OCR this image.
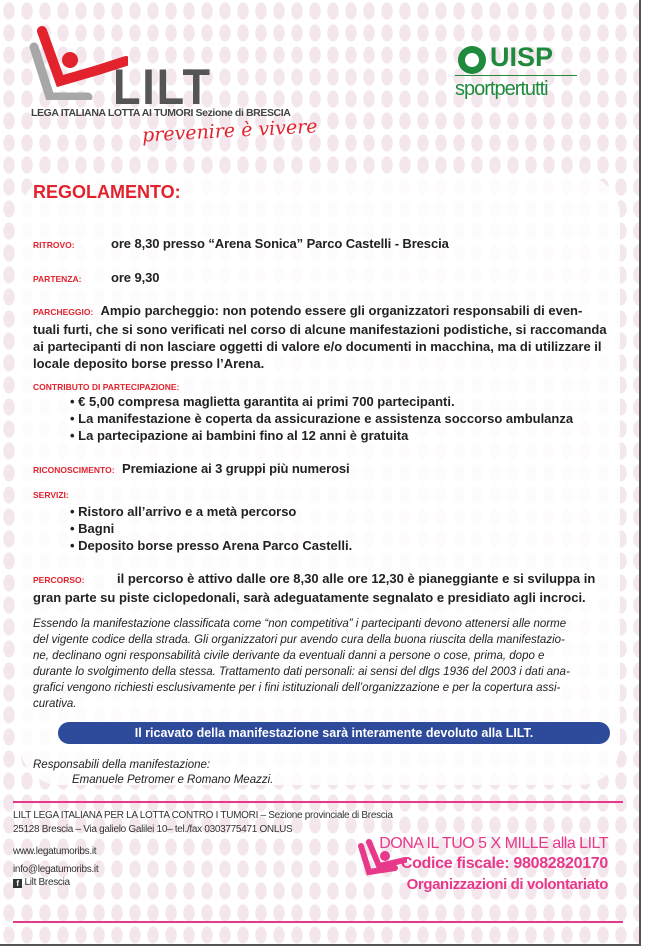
LILT
LEGA ITALIANA LOTTA AI TUMORI Sezione di BRESCIA
prevenire è vivere
UISP
sportpertutti
REGOLAMENTO:
RITROVO:	ore 8,30 presso “Arena Sonica” Parco Castelli - Brescia
PARTENZA: ore 9,30
PARCHEGGIO: Ampio parcheggio: non potendo essere gli organizzatori responsabili di even-
tuali furti, che si sono verificati nel corso di alcune manifestazioni podistiche, si raccomanda
ai partecipanti di non lasciare oggetti di valore e/o documenti in macchina, ma di utilizzare il
locale deposito borse presso l’Arena.
CONTRIBUTO DI PARTECIPAZIONE:
• € 5,00 compresa maglietta garantita ai primi 700 partecipanti.
• La manifestazione è coperta da assicurazione e assistenza soccorso ambulanza
• La partecipazione ai bambini fino al 12 anni è gratuita
RICONOSCIMENTO: Premiazione ai 3 gruppi più numerosi
SERVIZI:
• Ristoro all’arrivo e a metà percorso
• Bagni
• Deposito borse presso Arena Parco Castelli.
PERCORSO:	il percorso è attivo dalle ore 8,30 alle ore 12,30 è pianeggiante e si sviluppa in
gran parte su piste ciclopedonali, sarà adeguatamente segnalato e presidiato agli incroci.
Essendo la manifestazione classificata come “non competitiva” i partecipanti devono attenersi alle norme
del vigente codice della strada. Gli organizzatori pur avendo cura della buona riuscita della manifestazio-
ne, declinano ogni responsabilità civile derivante da eventuali danni a persone o cose, prima, dopo e
durante lo svolgimento della stessa. Trattamento dati personali: ai sensi del dlgs 1936 del 2003 i dati ana-
grafici vengono richiesti esclusivamente per i fini istituzionali dell’organizzazione e per la copertura assi-
curativa.
Il ricavato della manifestazione sarà interamente devoluto alla LILT.
Responsabili della manifestazione:
Emanuele Petromer e Romano Meazzi.
LILT LEGA ITALIANA PER LA LOTTA CONTRO I TUMORI – Sezione provinciale di Brescia
25128 Brescia – Via galielo Galilei 10– tel./fax 0303775471 ONLUS
www.legatumoribs.it
info@legatumoribs.it
f Lilt Brescia
DONA IL TUO 5 X MILLE alla LILT
Codice fiscale: 98082820170
Organizzazioni di volontariato
